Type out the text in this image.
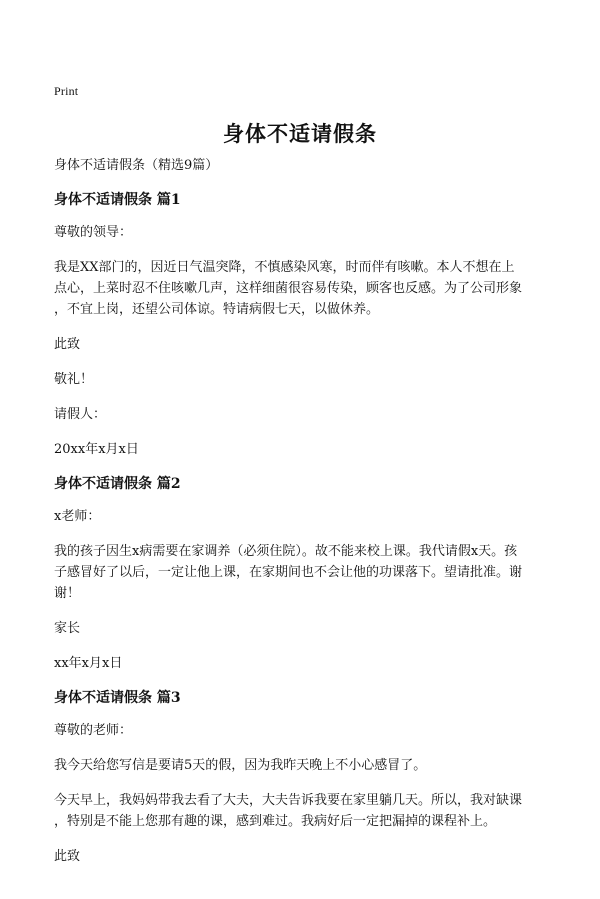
Print
身体不适请假条
身体不适请假条（精选9篇）
身体不适请假条 篇1
尊敬的领导：
我是XX部门的，因近日气温突降，不慎感染风寒，时而伴有咳嗽。本人不想在上
点心，上菜时忍不住咳嗽几声，这样细菌很容易传染，顾客也反感。为了公司形象
，不宜上岗，还望公司体谅。特请病假七天，以做休养。
此致
敬礼！
请假人：
20xx年x月x日
身体不适请假条 篇2
x老师：
我的孩子因生x病需要在家调养（必须住院）。故不能来校上课。我代请假x天。孩
子感冒好了以后，一定让他上课，在家期间也不会让他的功课落下。望请批准。谢
谢！
家长
xx年x月x日
身体不适请假条 篇3
尊敬的老师：
我今天给您写信是要请5天的假，因为我昨天晚上不小心感冒了。
今天早上，我妈妈带我去看了大夫，大夫告诉我要在家里躺几天。所以，我对缺课
，特别是不能上您那有趣的课，感到难过。我病好后一定把漏掉的课程补上。
此致
